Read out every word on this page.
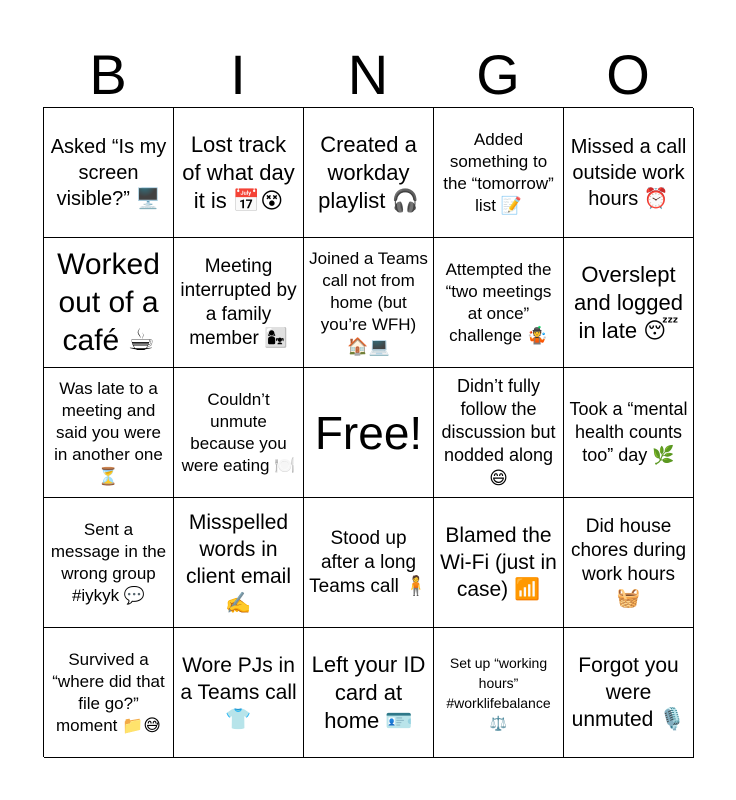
B	I	N	G	O
Asked “Is my screen visible?” 🖥️
Lost track of what day it is 📅😵
Created a workday playlist 🎧
Added something to the “tomorrow” list 📝
Missed a call outside work hours ⏰
Worked out of a café ☕
Meeting interrupted by a family member 👩‍👧
Joined a Teams call not from home (but you’re WFH) 🏠💻
Attempted the “two meetings at once” challenge 🤹
Overslept and logged in late 😴
Was late to a meeting and said you were in another one ⏳
Couldn’t unmute because you were eating 🍽️
Free!
Didn’t fully follow the discussion but nodded along 😄
Took a “mental health counts too” day 🌿
Sent a message in the wrong group #iykyk 💬
Misspelled words in client email ✍️
Stood up after a long Teams call 🧍
Blamed the Wi-Fi (just in case) 📶
Did house chores during work hours 🧺
Survived a “where did that file go?” moment 📁😅
Wore PJs in a Teams call 👕
Left your ID card at home 🪪
Set up “working hours” #worklifebalance ⚖️
Forgot you were unmuted 🎙️
